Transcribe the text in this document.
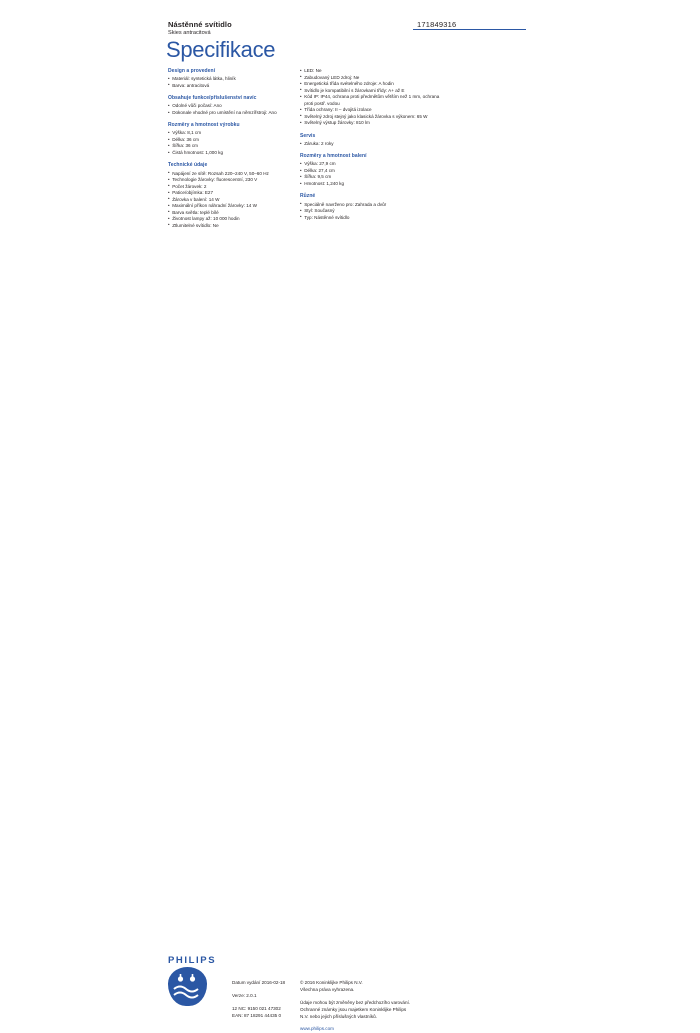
Nástěnné svítidlo
Skies antracitová
171849316
Specifikace
Design a provedení
• Materiál: syntetická látka, hliník
• Barva: antracitová
Obsahuje funkce/příslušenství navíc
• Odolné vůči počasí: Ano
• Dokonale vhodné pro umístění na němzířstroji: Ano
Rozměry a hmotnost výrobku
• Výška: 8,1 cm
• Délka: 36 cm
• Šířka: 36 cm
• Čistá hmotnost: 1,000 kg
Technické údaje
• Napájení ze sítě: Rozsah 220–240 V, 50–60 Hz
• Technologie žárovky: fluorescentní, 230 V
• Počet žárovek: 2
• Patice/objímka: E27
• Žárovka v balení: 14 W
• Maximální příkon náhradní žárovky: 14 W
• Barva světla: teplé bílé
• Životnost lampy až: 10 000 hodin
• Ztlumitelné svítidlo: Ne
• LED: Ne
• Zabudovaný LED zdroj: Ne
• Energetická třída svételného zdroje: A hodin
• Svítidlo je kompatibilní s žárovkami třídy: A+ až E
• Kód IP: IP44, ochrana proti předmětům větším než 1 mm, ochrana proti postř. vodou
• Třída ochrany: II – dvojitá izolace
• Světelný zdroj stejný jako klasická žárovka s výkonem: 65 W
• Světelný výstup žárovky: 810 lm
Servis
• Záruka: 2 roky
Rozměry a hmotnost balení
• Výška: 27,9 cm
• Délka: 27,4 cm
• Šířka: 9,5 cm
• Hmotnost: 1,240 kg
Různé
• Speciálně navrženo pro: Zahrada a dvůr
• Styl: Současný
• Typ: Nástěnné svítidlo
PHILIPS
Datum vydání 2016-02-18
Verze: 2.0.1
12 NC: 9150 021 47302
EAN: 87 18291 44435 0
© 2016 Koninklijke Philips N.V.
Všechna práva vyhrazena.
Údaje mohou být změněny bez předchozího varování.
Ochranné známky jsou majetkem Koninklijke Philips
N.V. nebo jejich příslušných vlastníků.
www.philips.com
